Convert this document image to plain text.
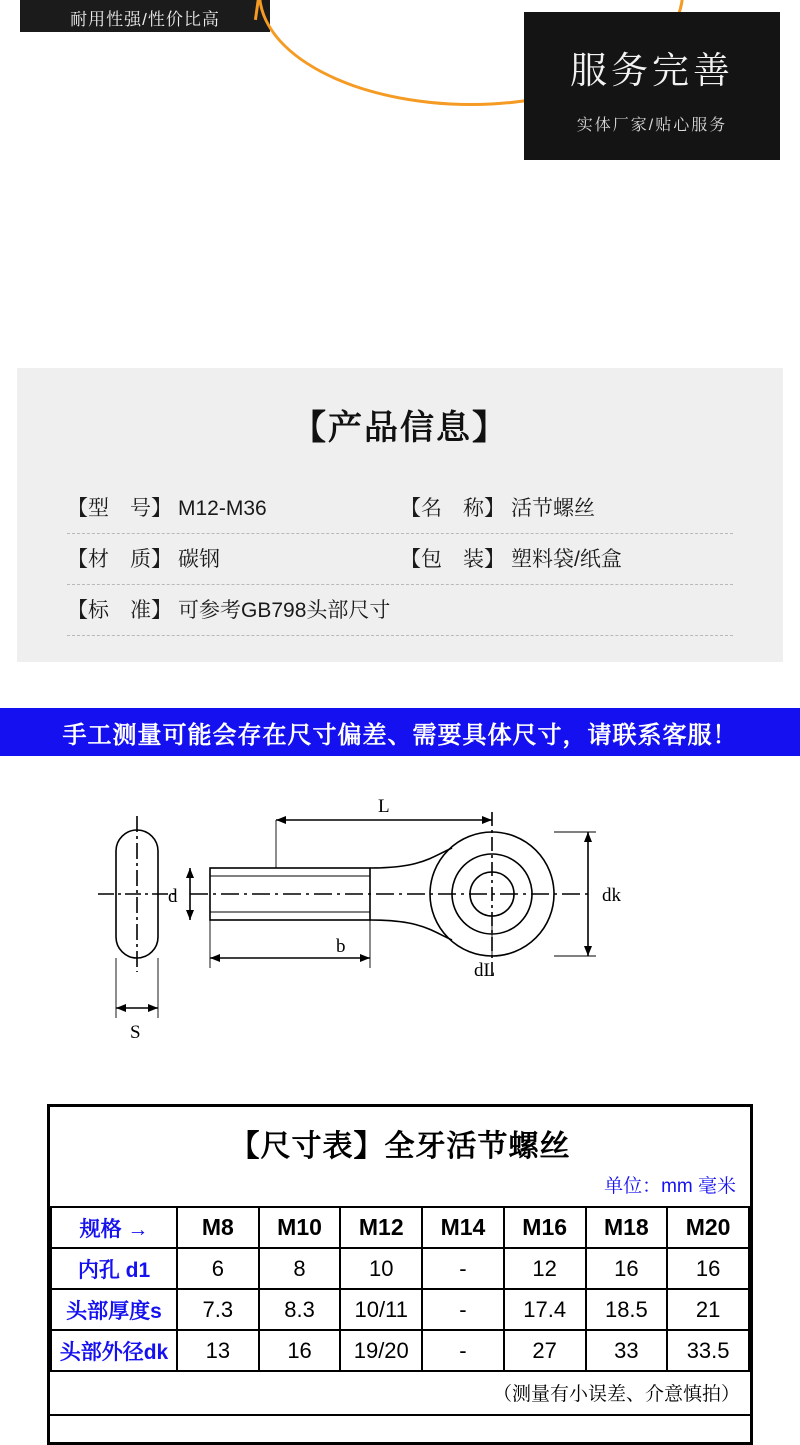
耐用性强/性价比高
服务完善
实体厂家/贴心服务
【产品信息】
【型　号】 M12-M36	【名　称】 活节螺丝
【材　质】 碳钢	【包　装】 塑料袋/纸盒
【标　准】 可参考GB798头部尺寸
手工测量可能会存在尺寸偏差、需要具体尺寸，请联系客服！
L
d
b
S
dk
dL
【尺寸表】全牙活节螺丝
单位：mm 毫米
规格 →	M8	M10	M12	M14	M16	M18	M20
内孔 d1	6	8	10	-	12	16	16
头部厚度s	7.3	8.3	10/11	-	17.4	18.5	21
头部外径dk	13	16	19/20	-	27	33	33.5
（测量有小误差、介意慎拍）
